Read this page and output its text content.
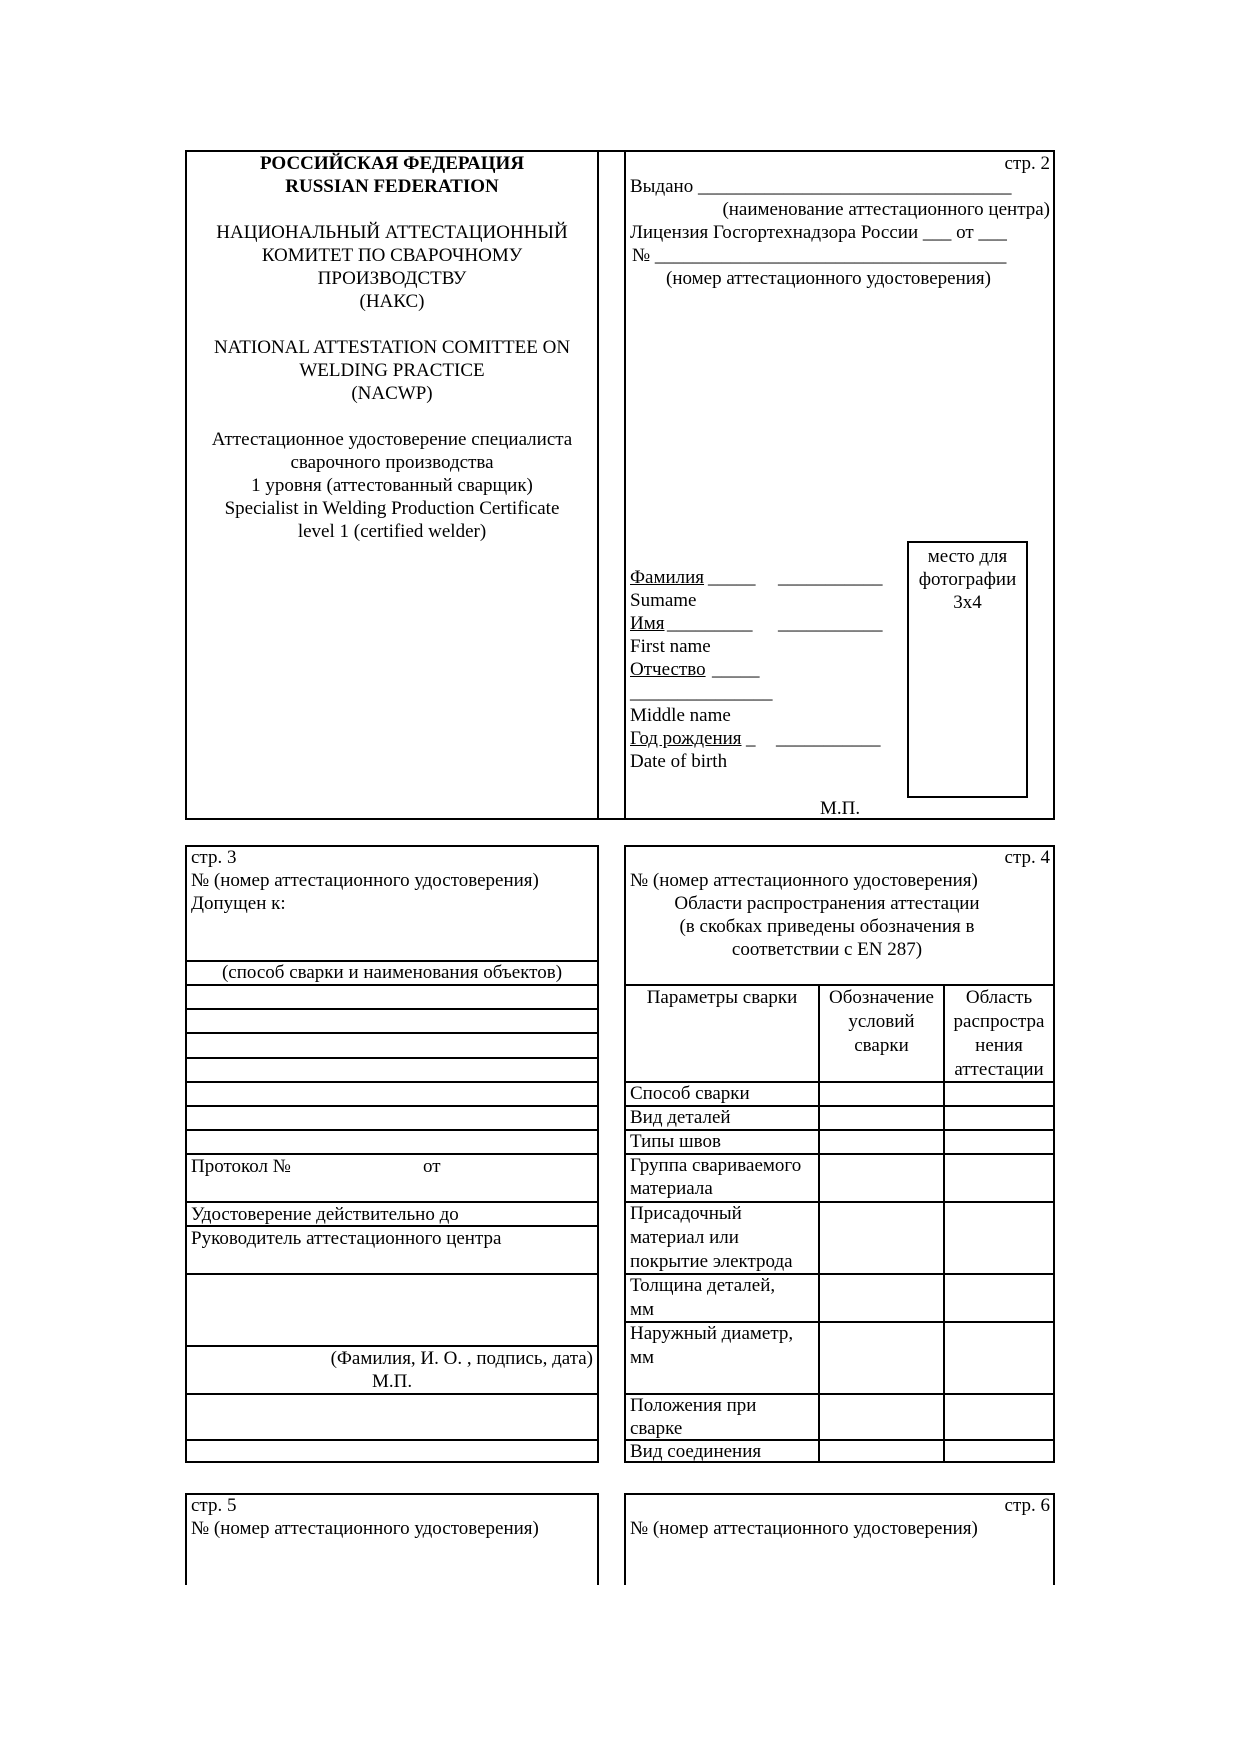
РОССИЙСКАЯ ФЕДЕРАЦИЯ
RUSSIAN FEDERATION
НАЦИОНАЛЬНЫЙ АТТЕСТАЦИОННЫЙ
КОМИТЕТ ПО СВАРОЧНОМУ
ПРОИЗВОДСТВУ
(НАКС)
NATIONAL ATTESTATION COMITTEE ON
WELDING PRACTICE
(NACWP)
Аттестационное удостоверение специалиста
сварочного производства
1 уровня (аттестованный сварщик)
Specialist in Welding Production Certificate
level 1 (certified welder)
стр. 2
Выдано _________________________________
(наименование аттестационного центра)
Лицензия Госгортехнадзора России ___ от ___
№ _____________________________________
(номер аттестационного удостоверения)
место для
фотографии
3х4
Фамилия _____ ___________
Sumame
Имя _________ ___________
First name
Отчество _____
_______________
Middle name
Год рождения _ ___________
Date of birth
М.П.
стр. 3
№ (номер аттестационного удостоверения)
Допущен к:
(способ сварки и наименования объектов)
Протокол №	от
Удостоверение действительно до
Руководитель аттестационного центра
(Фамилия, И. О. , подпись, дата)
М.П.
стр. 4
№ (номер аттестационного удостоверения)
Области распространения аттестации
(в скобках приведены обозначения в
соответствии с EN 287)
Параметры сварки	Обозначение
условий
сварки
Область
распростра
нения
аттестации
Способ сварки
Вид деталей
Типы швов
Группа свариваемого
материала
Присадочный
материал или
покрытие электрода
Толщина деталей,
мм
Наружный диаметр,
мм
Положения при
сварке
Вид соединения
стр. 5
№ (номер аттестационного удостоверения)
стр. 6
№ (номер аттестационного удостоверения)
